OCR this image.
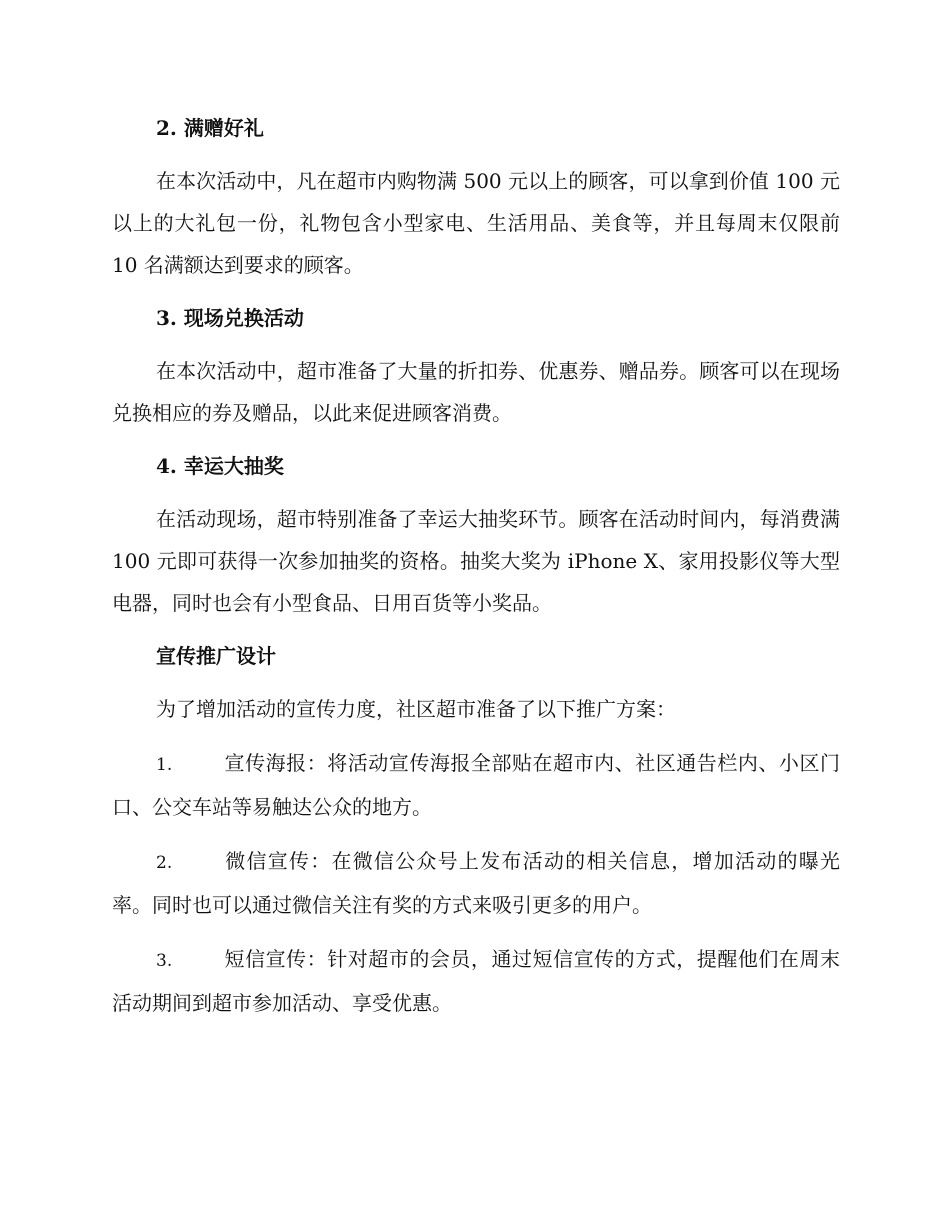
2. 满赠好礼

在本次活动中，凡在超市内购物满 500 元以上的顾客，可以拿到价值 100 元以上的大礼包一份，礼物包含小型家电、生活用品、美食等，并且每周末仅限前 10 名满额达到要求的顾客。

3. 现场兑换活动

在本次活动中，超市准备了大量的折扣券、优惠券、赠品券。顾客可以在现场兑换相应的券及赠品，以此来促进顾客消费。

4. 幸运大抽奖

在活动现场，超市特别准备了幸运大抽奖环节。顾客在活动时间内，每消费满 100 元即可获得一次参加抽奖的资格。抽奖大奖为 iPhone X、家用投影仪等大型电器，同时也会有小型食品、日用百货等小奖品。

宣传推广设计

为了增加活动的宣传力度，社区超市准备了以下推广方案：

1.	宣传海报：将活动宣传海报全部贴在超市内、社区通告栏内、小区门口、公交车站等易触达公众的地方。

2.	微信宣传：在微信公众号上发布活动的相关信息，增加活动的曝光率。同时也可以通过微信关注有奖的方式来吸引更多的用户。

3.	短信宣传：针对超市的会员，通过短信宣传的方式，提醒他们在周末活动期间到超市参加活动、享受优惠。
